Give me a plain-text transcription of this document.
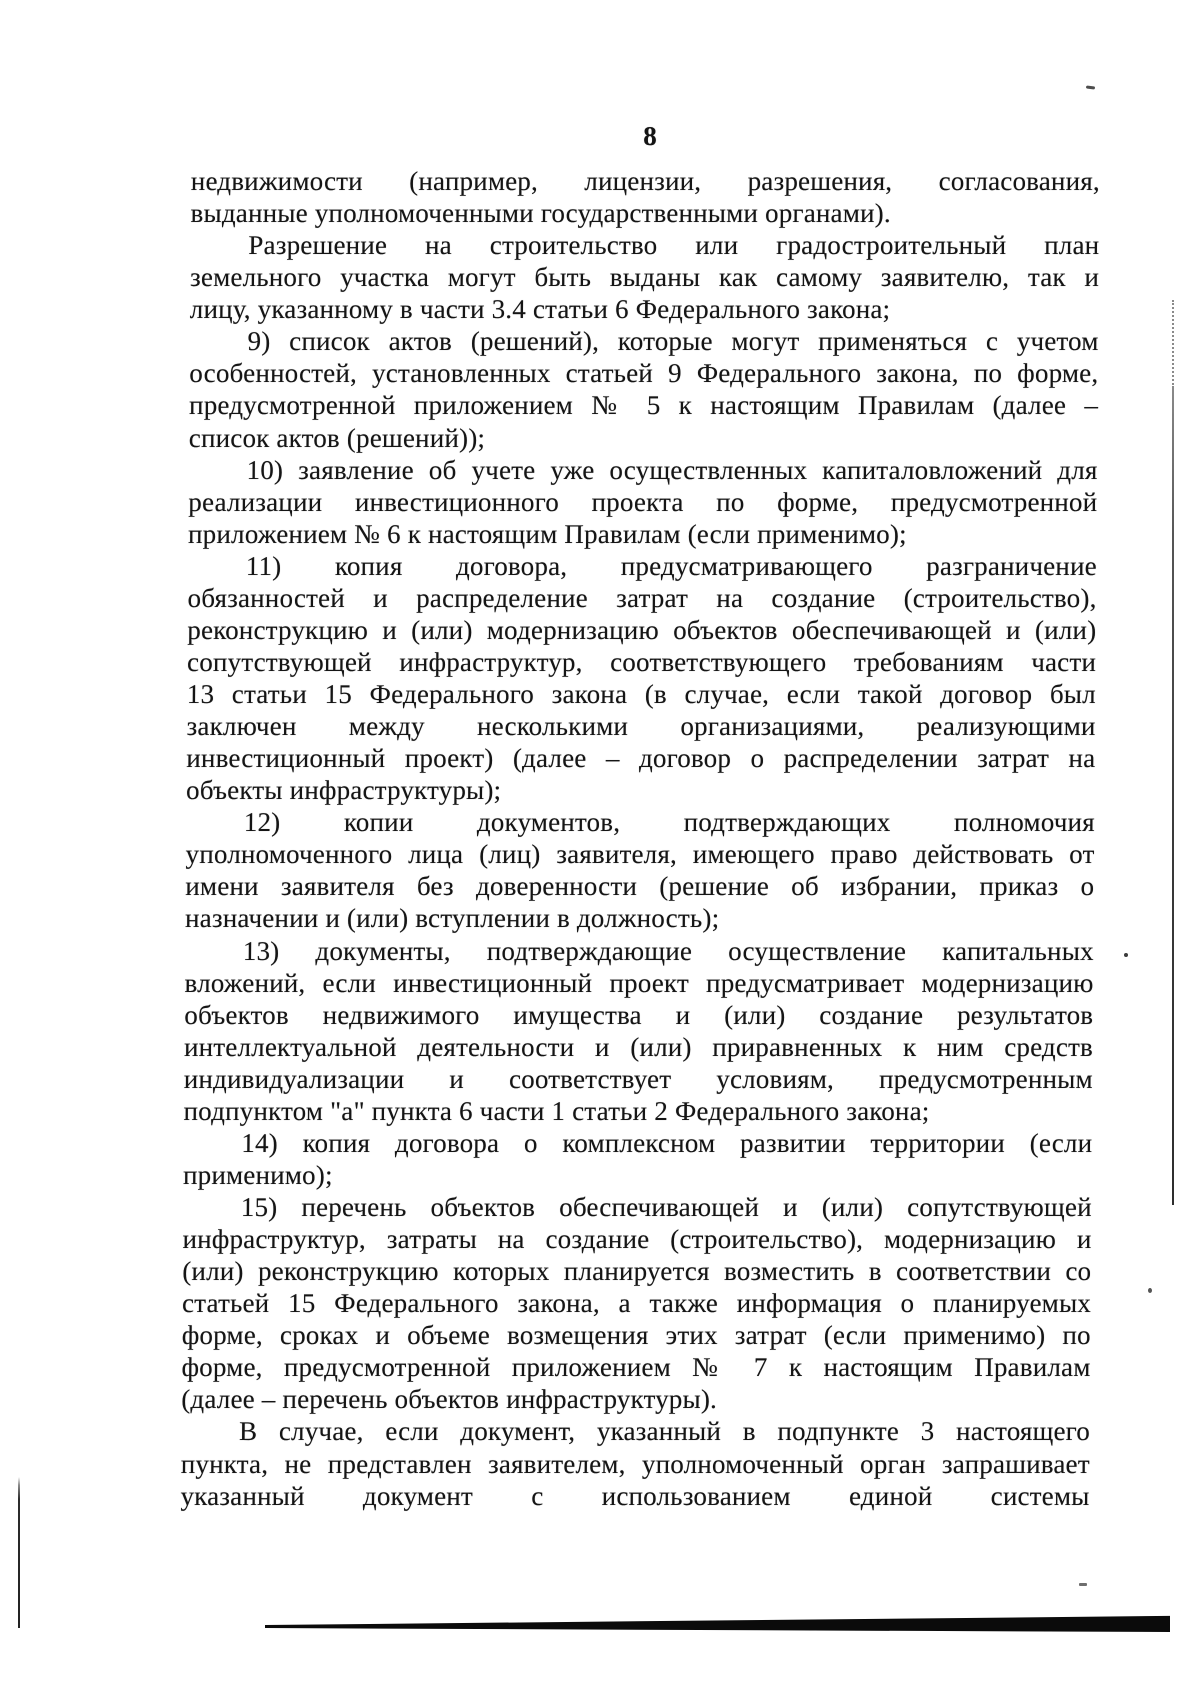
8

недвижимости (например, лицензии, разрешения, согласования,
выданные уполномоченными государственными органами).

Разрешение на строительство или градостроительный план
земельного участка могут быть выданы как самому заявителю, так и
лицу, указанному в части 3.4 статьи 6 Федерального закона;

9) список актов (решений), которые могут применяться с учетом
особенностей, установленных статьей 9 Федерального закона, по форме,
предусмотренной приложением № 5 к настоящим Правилам (далее –
список актов (решений));

10) заявление об учете уже осуществленных капиталовложений для
реализации инвестиционного проекта по форме, предусмотренной
приложением № 6 к настоящим Правилам (если применимо);

11) копия договора, предусматривающего разграничение
обязанностей и распределение затрат на создание (строительство),
реконструкцию и (или) модернизацию объектов обеспечивающей и (или)
сопутствующей инфраструктур, соответствующего требованиям части
13 статьи 15 Федерального закона (в случае, если такой договор был
заключен между несколькими организациями, реализующими
инвестиционный проект) (далее – договор о распределении затрат на
объекты инфраструктуры);

12) копии документов, подтверждающих полномочия
уполномоченного лица (лиц) заявителя, имеющего право действовать от
имени заявителя без доверенности (решение об избрании, приказ о
назначении и (или) вступлении в должность);

13) документы, подтверждающие осуществление капитальных
вложений, если инвестиционный проект предусматривает модернизацию
объектов недвижимого имущества и (или) создание результатов
интеллектуальной деятельности и (или) приравненных к ним средств
индивидуализации и соответствует условиям, предусмотренным
подпунктом "а" пункта 6 части 1 статьи 2 Федерального закона;

14) копия договора о комплексном развитии территории (если
применимо);

15) перечень объектов обеспечивающей и (или) сопутствующей
инфраструктур, затраты на создание (строительство), модернизацию и
(или) реконструкцию которых планируется возместить в соответствии со
статьей 15 Федерального закона, а также информация о планируемых
форме, сроках и объеме возмещения этих затрат (если применимо) по
форме, предусмотренной приложением № 7 к настоящим Правилам
(далее – перечень объектов инфраструктуры).

В случае, если документ, указанный в подпункте 3 настоящего
пункта, не представлен заявителем, уполномоченный орган запрашивает
указанный документ с использованием единой системы
